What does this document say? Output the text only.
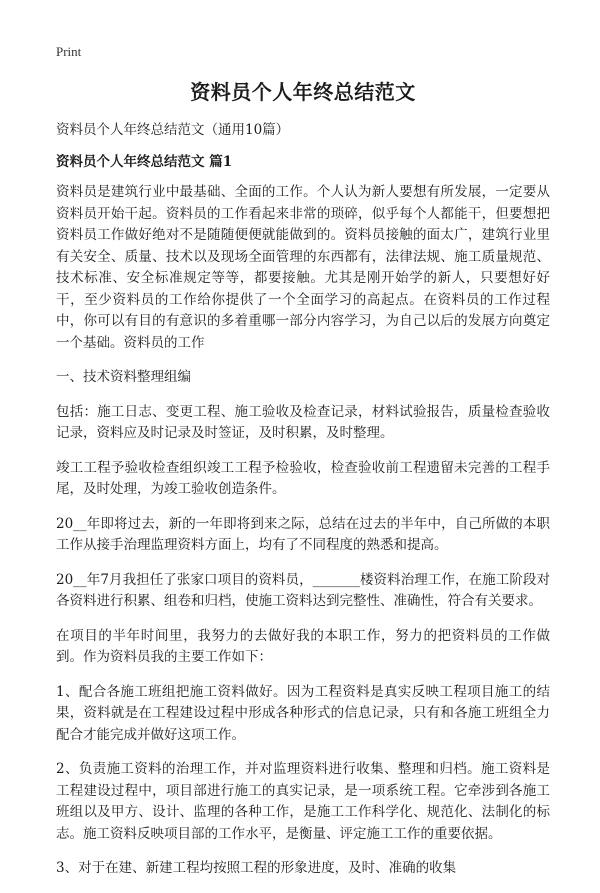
Print
资料员个人年终总结范文
资料员个人年终总结范文（通用10篇）
资料员个人年终总结范文 篇1

资料员是建筑行业中最基础、全面的工作。个人认为新人要想有所发展，一定要从资料员开始干起。资料员的工作看起来非常的琐碎，似乎每个人都能干，但要想把资料员工作做好绝对不是随随便便就能做到的。资料员接触的面太广，建筑行业里有关安全、质量、技术以及现场全面管理的东西都有，法律法规、施工质量规范、技术标准、安全标准规定等等，都要接触。尤其是刚开始学的新人，只要想好好干，至少资料员的工作给你提供了一个全面学习的高起点。在资料员的工作过程中，你可以有目的有意识的多着重哪一部分内容学习，为自己以后的发展方向奠定一个基础。资料员的工作

一、技术资料整理组编

包括：施工日志、变更工程、施工验收及检查记录，材料试验报告，质量检查验收记录，资料应及时记录及时签证，及时积累，及时整理。

竣工工程予验收检查组织竣工工程予检验收，检查验收前工程遗留未完善的工程手尾，及时处理，为竣工验收创造条件。

20__年即将过去，新的一年即将到来之际，总结在过去的半年中，自己所做的本职工作从接手治理监理资料方面上，均有了不同程度的熟悉和提高。

20__年7月我担任了张家口项目的资料员，_______楼资料治理工作，在施工阶段对各资料进行积累、组卷和归档，使施工资料达到完整性、准确性，符合有关要求。

在项目的半年时间里，我努力的去做好我的本职工作，努力的把资料员的工作做到。作为资料员我的主要工作如下：

1、配合各施工班组把施工资料做好。因为工程资料是真实反映工程项目施工的结果，资料就是在工程建设过程中形成各种形式的信息记录，只有和各施工班组全力配合才能完成并做好这项工作。

2、负责施工资料的治理工作，并对监理资料进行收集、整理和归档。施工资料是工程建设过程中，项目部进行施工的真实记录，是一项系统工程。它牵涉到各施工班组以及甲方、设计、监理的各种工作，是施工工作科学化、规范化、法制化的标志。施工资料反映项目部的工作水平，是衡量、评定施工工作的重要依据。

3、对于在建、新建工程均按照工程的形象进度，及时、准确的收集
